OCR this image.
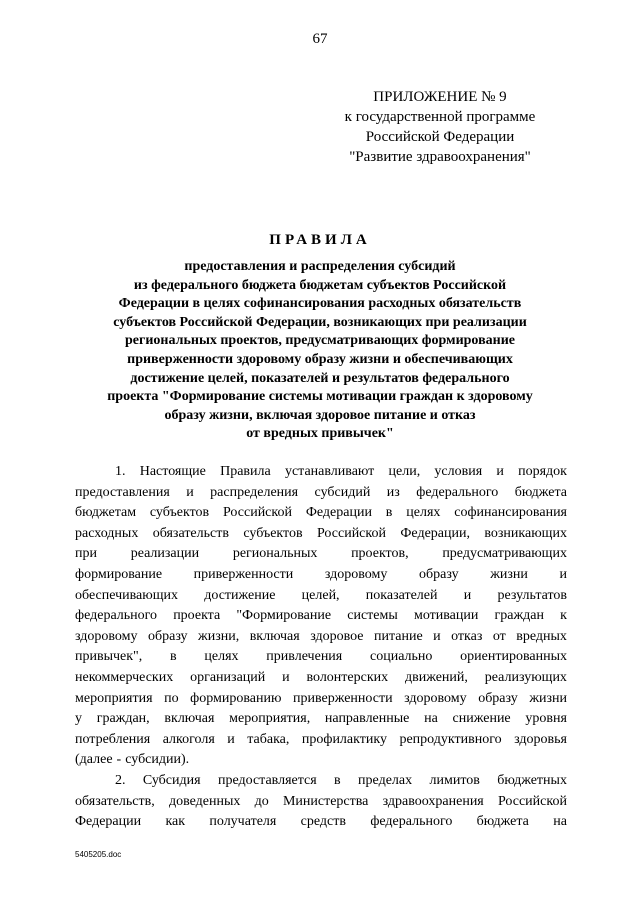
67
ПРИЛОЖЕНИЕ № 9
к государственной программе
Российской Федерации
"Развитие здравоохранения"
ПРАВИЛА
предоставления и распределения субсидий
из федерального бюджета бюджетам субъектов Российской
Федерации в целях софинансирования расходных обязательств
субъектов Российской Федерации, возникающих при реализации
региональных проектов, предусматривающих формирование
приверженности здоровому образу жизни и обеспечивающих
достижение целей, показателей и результатов федерального
проекта "Формирование системы мотивации граждан к здоровому
образу жизни, включая здоровое питание и отказ
от вредных привычек"
1. Настоящие Правила устанавливают цели, условия и порядок
предоставления и распределения субсидий из федерального бюджета
бюджетам субъектов Российской Федерации в целях софинансирования
расходных обязательств субъектов Российской Федерации, возникающих
при реализации региональных проектов, предусматривающих
формирование приверженности здоровому образу жизни и
обеспечивающих достижение целей, показателей и результатов
федерального проекта "Формирование системы мотивации граждан к
здоровому образу жизни, включая здоровое питание и отказ от вредных
привычек", в целях привлечения социально ориентированных
некоммерческих организаций и волонтерских движений, реализующих
мероприятия по формированию приверженности здоровому образу жизни
у граждан, включая мероприятия, направленные на снижение уровня
потребления алкоголя и табака, профилактику репродуктивного здоровья
(далее - субсидии).
2. Субсидия предоставляется в пределах лимитов бюджетных
обязательств, доведенных до Министерства здравоохранения Российской
Федерации как получателя средств федерального бюджета на
5405205.doc
